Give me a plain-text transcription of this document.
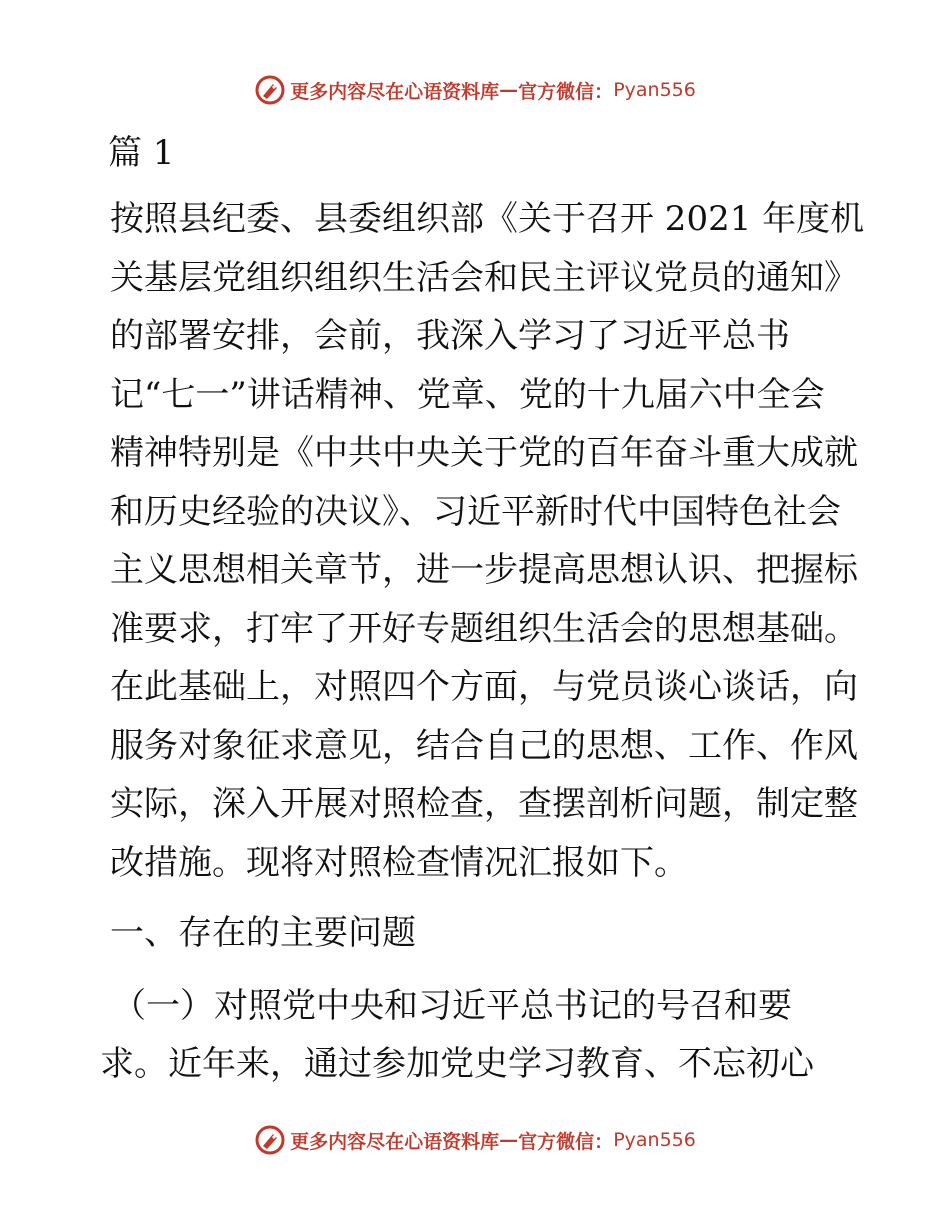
更多内容尽在心语资料库 — 官方微信： Pyan556
篇 1
按照县纪委、县委组织部《关于召开 2021 年度机
关基层党组织组织生活会和民主评议党员的通知》
的部署安排，会前，我深入学习了习近平总书
记“七一”讲话精神、党章、党的十九届六中全会
精神特别是《中共中央关于党的百年奋斗重大成就
和历史经验的决议》、习近平新时代中国特色社会
主义思想相关章节，进一步提高思想认识、把握标
准要求，打牢了开好专题组织生活会的思想基础。
在此基础上，对照四个方面，与党员谈心谈话，向
服务对象征求意见，结合自己的思想、工作、作风
实际，深入开展对照检查，查摆剖析问题，制定整
改措施。现将对照检查情况汇报如下。
一、存在的主要问题
（一）对照党中央和习近平总书记的号召和要
求。近年来，通过参加党史学习教育、不忘初心
更多内容尽在心语资料库 — 官方微信： Pyan556
